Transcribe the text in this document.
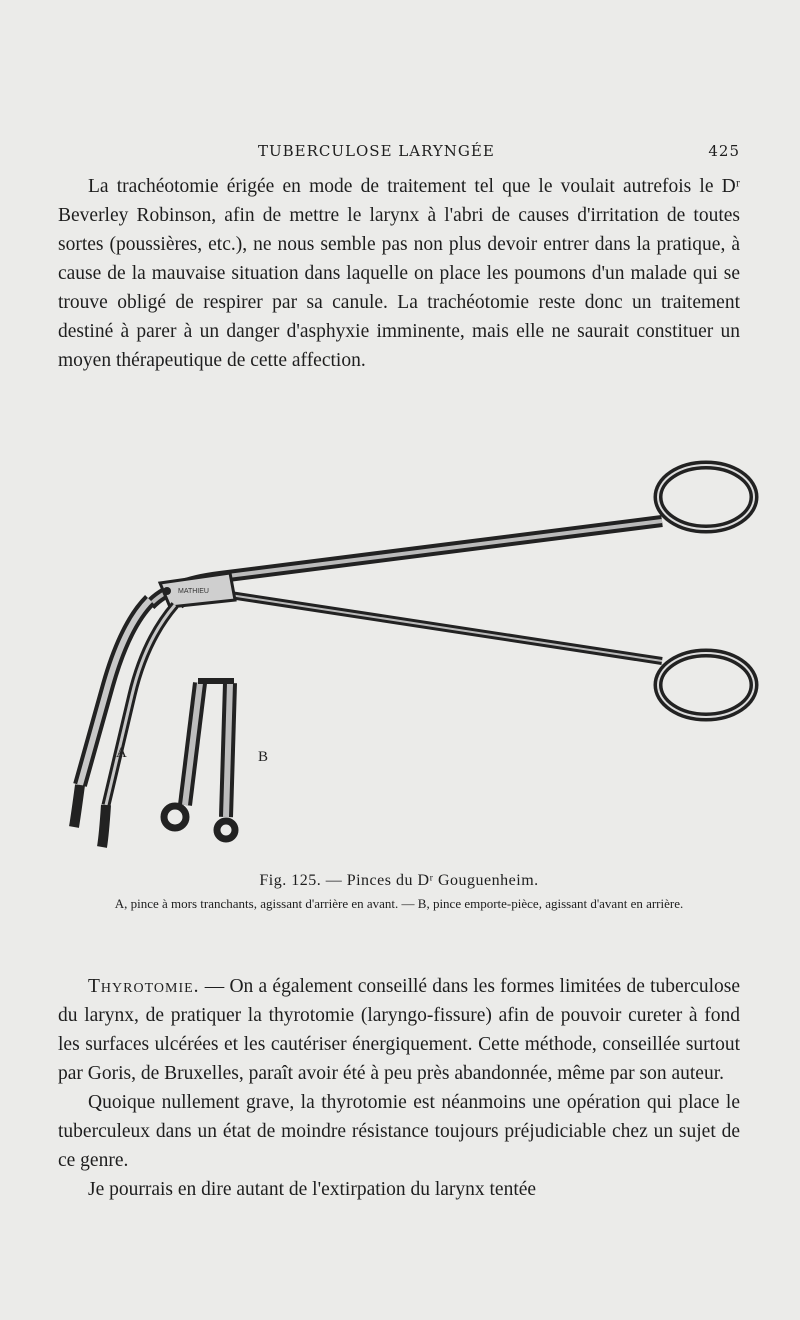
TUBERCULOSE LARYNGÉE	425

La trachéotomie érigée en mode de traitement tel que le voulait autrefois le Dʳ Beverley Robinson, afin de mettre le larynx à l'abri de causes d'irritation de toutes sortes (poussières, etc.), ne nous semble pas non plus devoir entrer dans la pratique, à cause de la mauvaise situation dans laquelle on place les poumons d'un malade qui se trouve obligé de respirer par sa canule. La trachéotomie reste donc un traitement destiné à parer à un danger d'asphyxie imminente, mais elle ne saurait constituer un moyen thérapeutique de cette affection.

MATHIEU
A	B
Fig. 125. — Pinces du Dʳ Gouguenheim.
A, pince à mors tranchants, agissant d'arrière en avant. — B, pince emporte-pièce, agissant d'avant en arrière.

Thyrotomie. — On a également conseillé dans les formes limitées de tuberculose du larynx, de pratiquer la thyrotomie (laryngo-fissure) afin de pouvoir cureter à fond les surfaces ulcérées et les cautériser énergiquement. Cette méthode, conseillée surtout par Goris, de Bruxelles, paraît avoir été à peu près abandonnée, même par son auteur.

Quoique nullement grave, la thyrotomie est néanmoins une opération qui place le tuberculeux dans un état de moindre résistance toujours préjudiciable chez un sujet de ce genre.

Je pourrais en dire autant de l'extirpation du larynx tentée
